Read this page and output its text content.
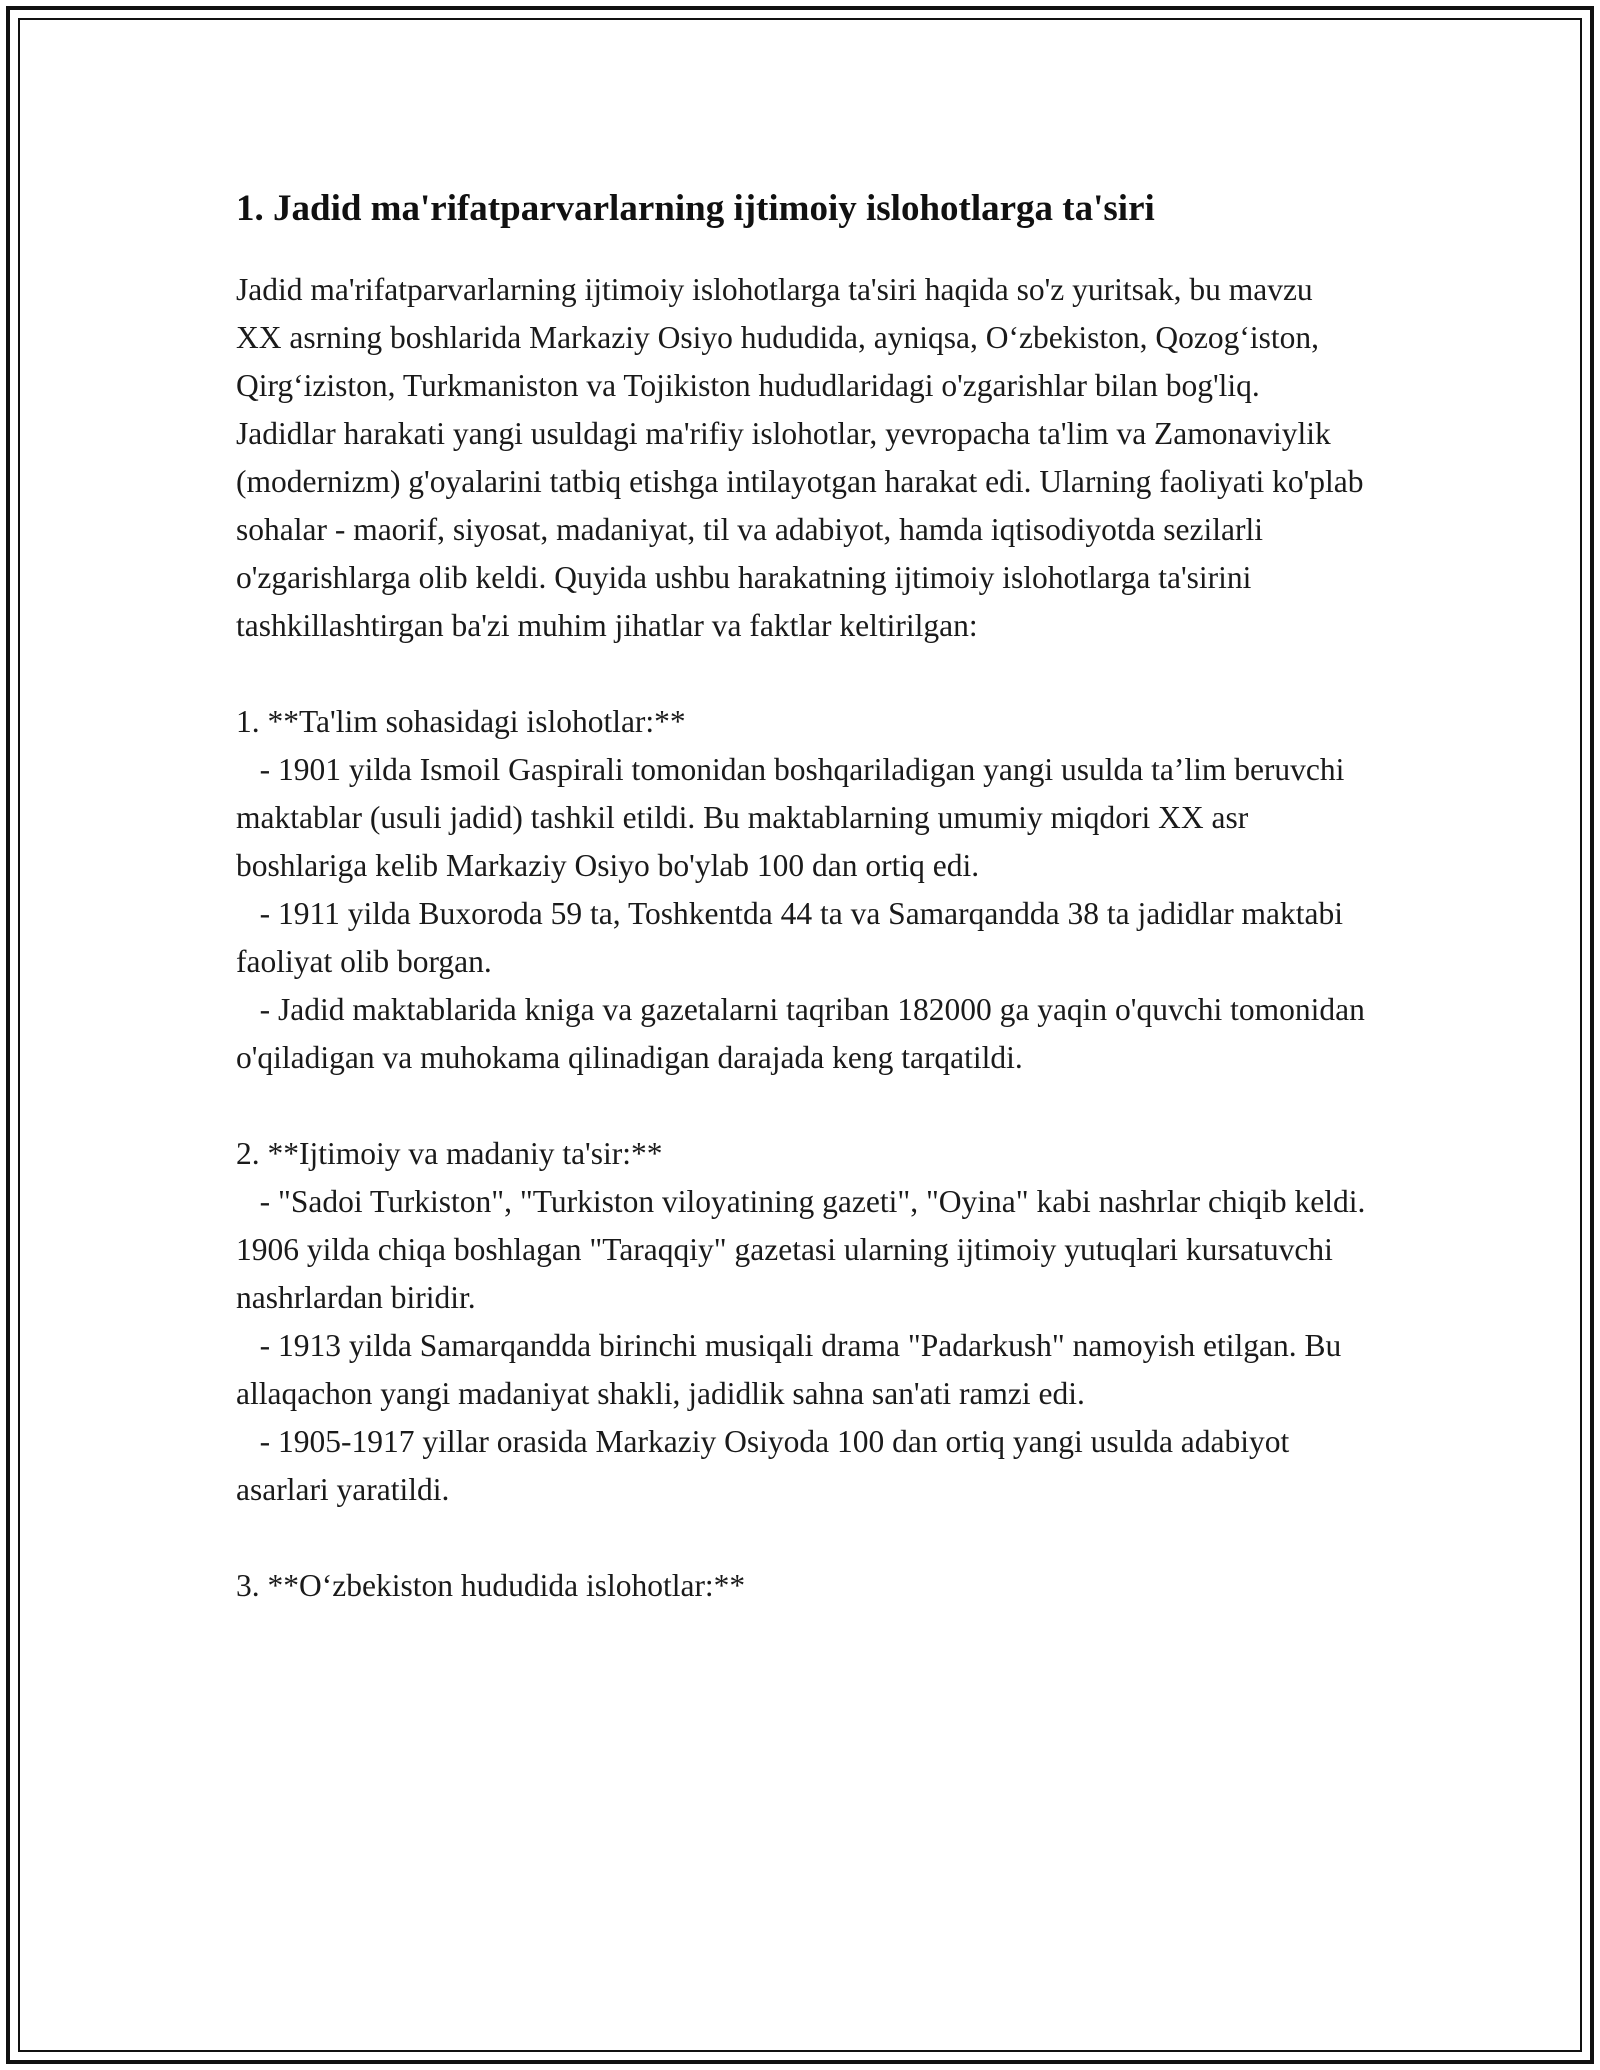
1. Jadid ma'rifatparvarlarning ijtimoiy islohotlarga ta'siri

Jadid ma'rifatparvarlarning ijtimoiy islohotlarga ta'siri haqida so'z yuritsak, bu mavzu XX asrning boshlarida Markaziy Osiyo hududida, ayniqsa, O‘zbekiston, Qozog‘iston, Qirg‘iziston, Turkmaniston va Tojikiston hududlaridagi o'zgarishlar bilan bog'liq. Jadidlar harakati yangi usuldagi ma'rifiy islohotlar, yevropacha ta'lim va Zamonaviylik (modernizm) g'oyalarini tatbiq etishga intilayotgan harakat edi. Ularning faoliyati ko'plab sohalar - maorif, siyosat, madaniyat, til va adabiyot, hamda iqtisodiyotda sezilarli o'zgarishlarga olib keldi. Quyida ushbu harakatning ijtimoiy islohotlarga ta'sirini tashkillashtirgan ba'zi muhim jihatlar va faktlar keltirilgan:

1. **Ta'lim sohasidagi islohotlar:**

- 1901 yilda Ismoil Gaspirali tomonidan boshqariladigan yangi usulda ta’lim beruvchi maktablar (usuli jadid) tashkil etildi. Bu maktablarning umumiy miqdori XX asr boshlariga kelib Markaziy Osiyo bo'ylab 100 dan ortiq edi.

- 1911 yilda Buxoroda 59 ta, Toshkentda 44 ta va Samarqandda 38 ta jadidlar maktabi faoliyat olib borgan.

- Jadid maktablarida kniga va gazetalarni taqriban 182000 ga yaqin o'quvchi tomonidan o'qiladigan va muhokama qilinadigan darajada keng tarqatildi.

2. **Ijtimoiy va madaniy ta'sir:**

- "Sadoi Turkiston", "Turkiston viloyatining gazeti", "Oyina" kabi nashrlar chiqib keldi. 1906 yilda chiqa boshlagan "Taraqqiy" gazetasi ularning ijtimoiy yutuqlari kursatuvchi nashrlardan biridir.

- 1913 yilda Samarqandda birinchi musiqali drama "Padarkush" namoyish etilgan. Bu allaqachon yangi madaniyat shakli, jadidlik sahna san'ati ramzi edi.

- 1905-1917 yillar orasida Markaziy Osiyoda 100 dan ortiq yangi usulda adabiyot asarlari yaratildi.

3. **O‘zbekiston hududida islohotlar:**
